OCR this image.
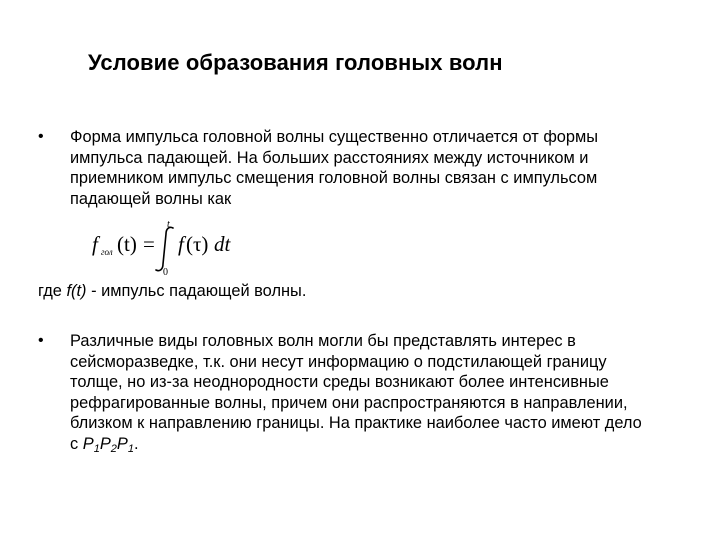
Условие образования головных волн
• Форма импульса головной волны существенно отличается от формы импульса падающей. На больших расстояниях между источником и приемником импульс смещения головной волны связан с импульсом падающей волны как
f гол (t) =
t
0
f (τ) dt
где f(t) - импульс падающей волны.
• Различные виды головных волн могли бы представлять интерес в сейсморазведке, т.к. они несут информацию о подстилающей границу толще, но из-за неоднородности среды возникают более интенсивные рефрагированные волны, причем они распространяются в направлении, близком к направлению границы. На практике наиболее часто имеют дело с $P_1P_2P_1$.
